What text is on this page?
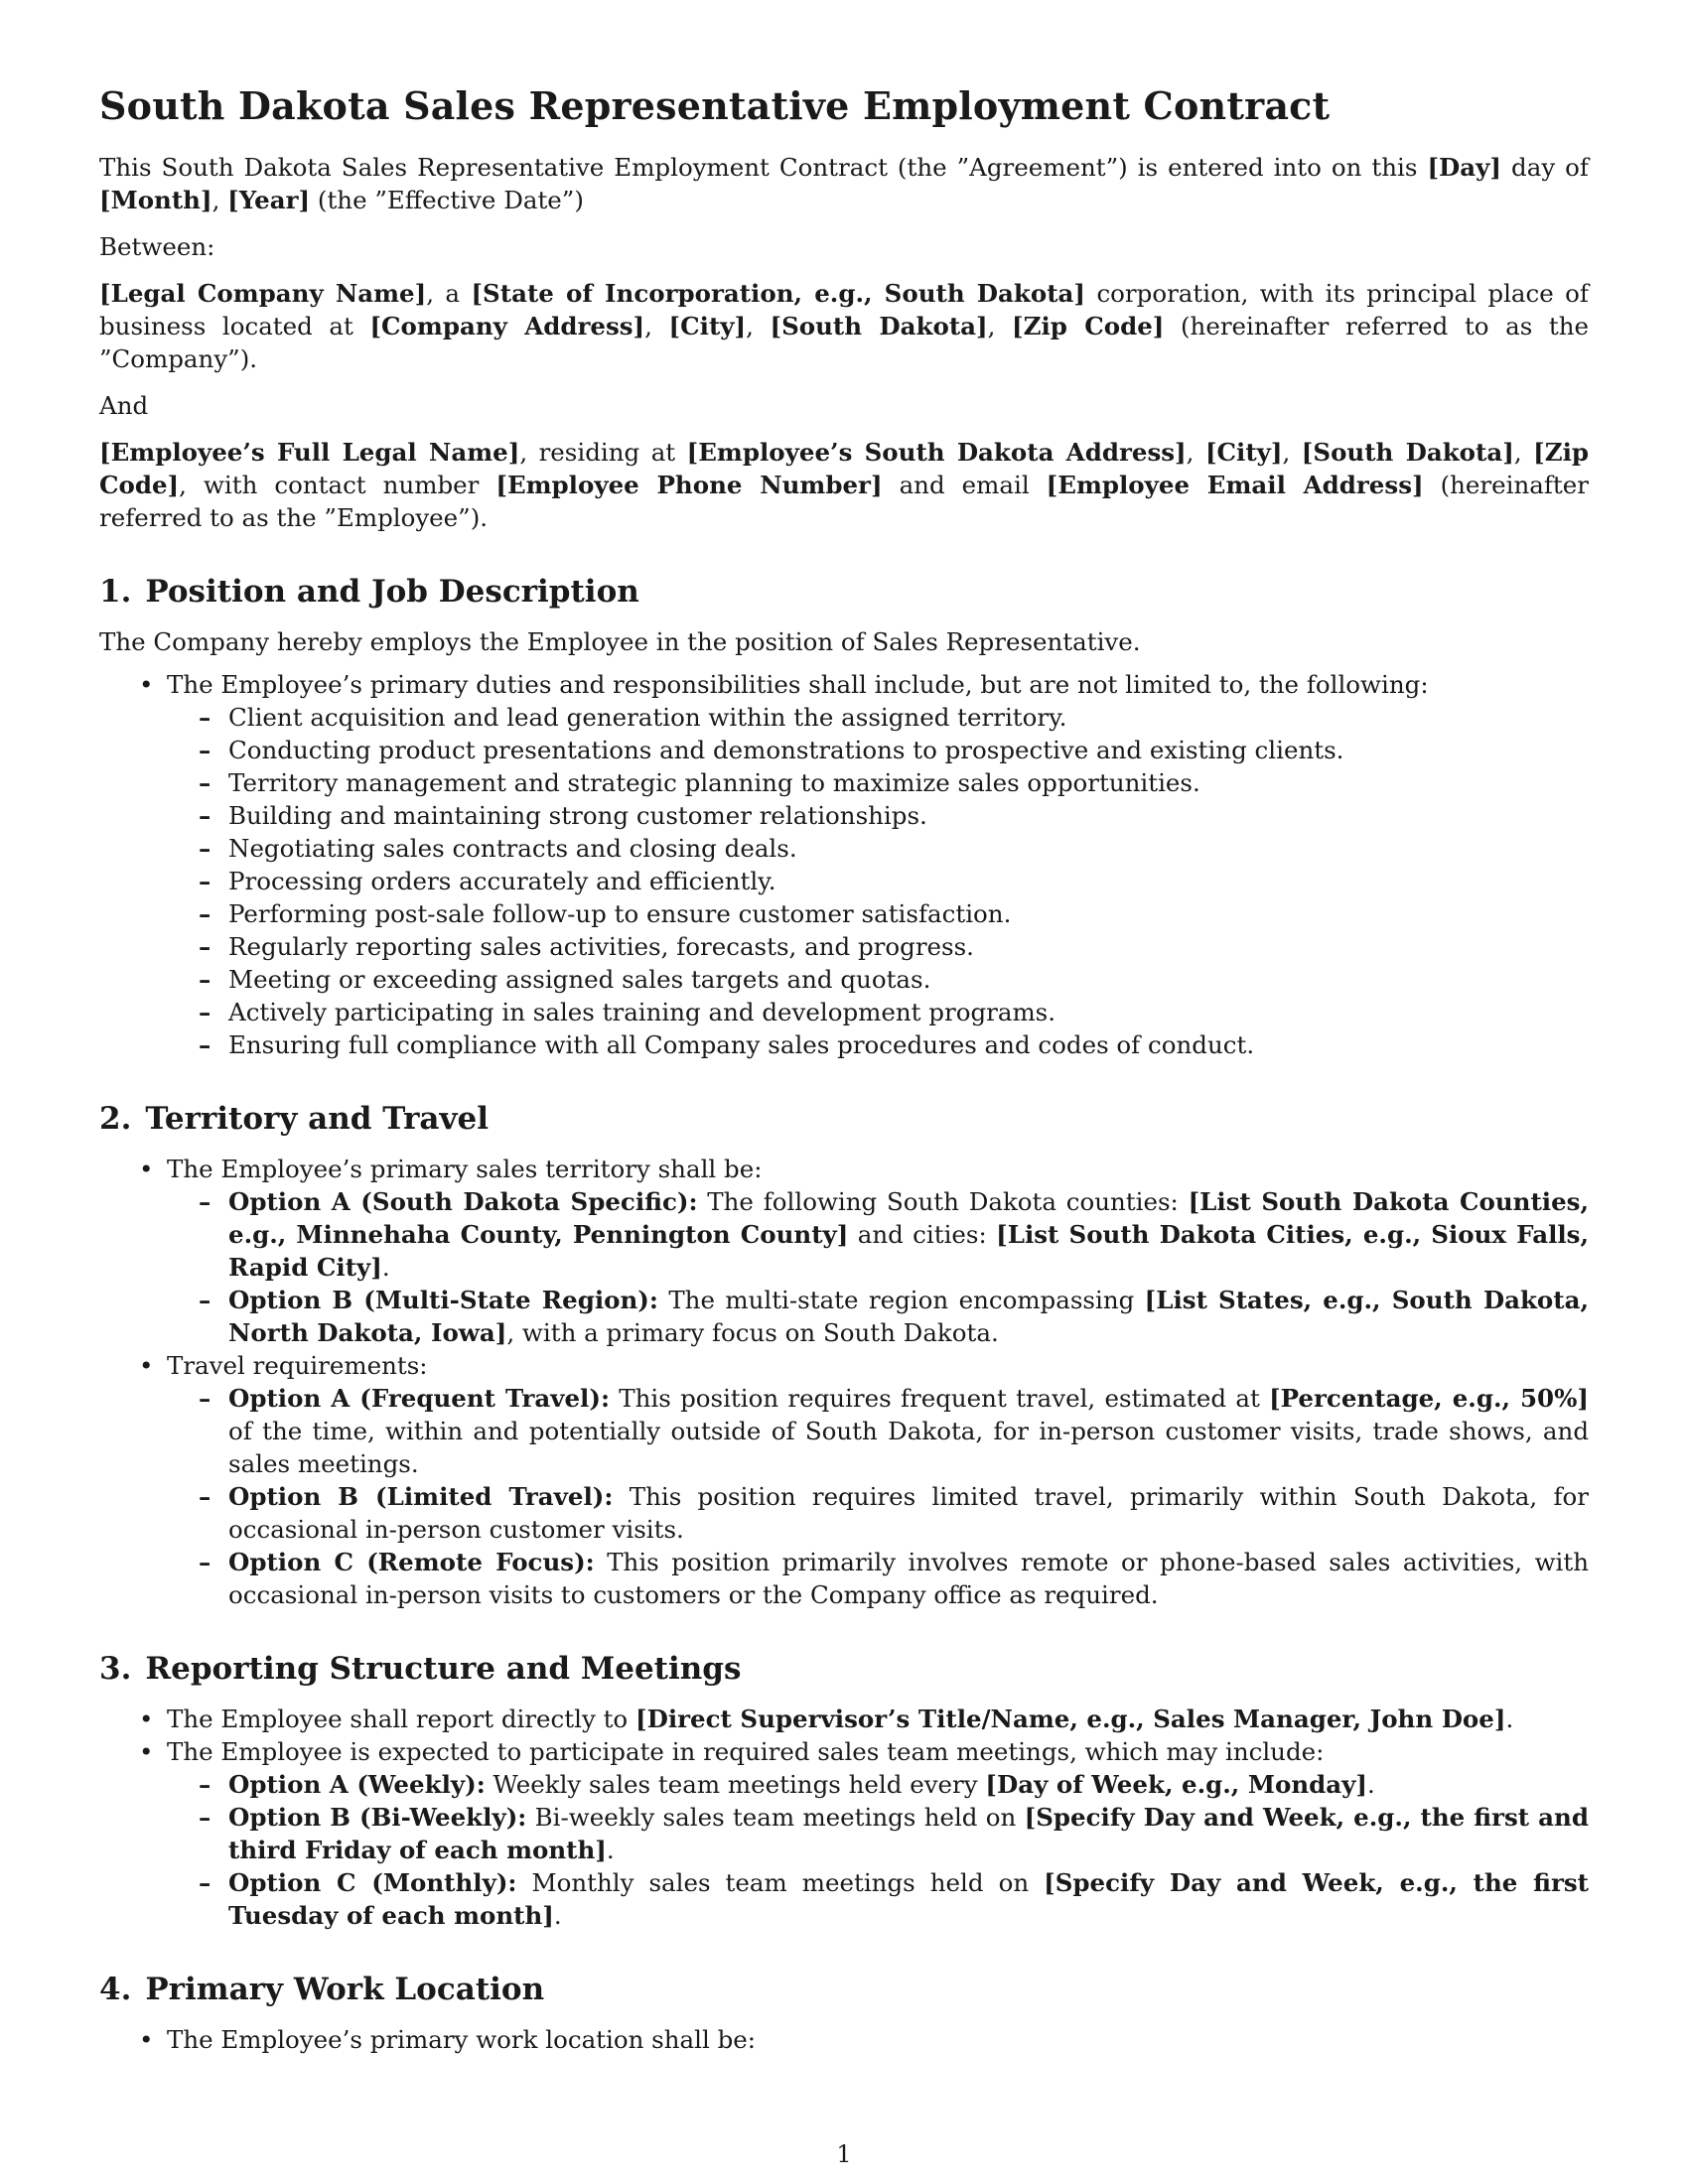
South Dakota Sales Representative Employment Contract

This South Dakota Sales Representative Employment Contract (the ”Agreement”) is entered into on this [Day] day of [Month], [Year] (the ”Effective Date”)

Between:

[Legal Company Name], a [State of Incorporation, e.g., South Dakota] corporation, with its principal place of business located at [Company Address], [City], [South Dakota], [Zip Code] (hereinafter referred to as the ”Company”).

And

[Employee’s Full Legal Name], residing at [Employee’s South Dakota Address], [City], [South Dakota], [Zip Code], with contact number [Employee Phone Number] and email [Employee Email Address] (hereinafter referred to as the ”Employee”).

1. Position and Job Description

The Company hereby employs the Employee in the position of Sales Representative.

• The Employee’s primary duties and responsibilities shall include, but are not limited to, the following:
– Client acquisition and lead generation within the assigned territory.
– Conducting product presentations and demonstrations to prospective and existing clients.
– Territory management and strategic planning to maximize sales opportunities.
– Building and maintaining strong customer relationships.
– Negotiating sales contracts and closing deals.
– Processing orders accurately and efficiently.
– Performing post-sale follow-up to ensure customer satisfaction.
– Regularly reporting sales activities, forecasts, and progress.
– Meeting or exceeding assigned sales targets and quotas.
– Actively participating in sales training and development programs.
– Ensuring full compliance with all Company sales procedures and codes of conduct.
2. Territory and Travel
• The Employee’s primary sales territory shall be:
– Option A (South Dakota Specific): The following South Dakota counties: [List South Dakota Counties, e.g., Minnehaha County, Pennington County] and cities: [List South Dakota Cities, e.g., Sioux Falls, Rapid City].
– Option B (Multi-State Region): The multi-state region encompassing [List States, e.g., South Dakota, North Dakota, Iowa], with a primary focus on South Dakota.
• Travel requirements:
– Option A (Frequent Travel): This position requires frequent travel, estimated at [Percentage, e.g., 50%] of the time, within and potentially outside of South Dakota, for in-person customer visits, trade shows, and sales meetings.
– Option B (Limited Travel): This position requires limited travel, primarily within South Dakota, for occasional in-person customer visits.
– Option C (Remote Focus): This position primarily involves remote or phone-based sales activities, with occasional in-person visits to customers or the Company office as required.
3. Reporting Structure and Meetings
• The Employee shall report directly to [Direct Supervisor’s Title/Name, e.g., Sales Manager, John Doe].
• The Employee is expected to participate in required sales team meetings, which may include:
– Option A (Weekly): Weekly sales team meetings held every [Day of Week, e.g., Monday].
– Option B (Bi-Weekly): Bi-weekly sales team meetings held on [Specify Day and Week, e.g., the first and third Friday of each month].
– Option C (Monthly): Monthly sales team meetings held on [Specify Day and Week, e.g., the first Tuesday of each month].
4. Primary Work Location
• The Employee’s primary work location shall be:
1
